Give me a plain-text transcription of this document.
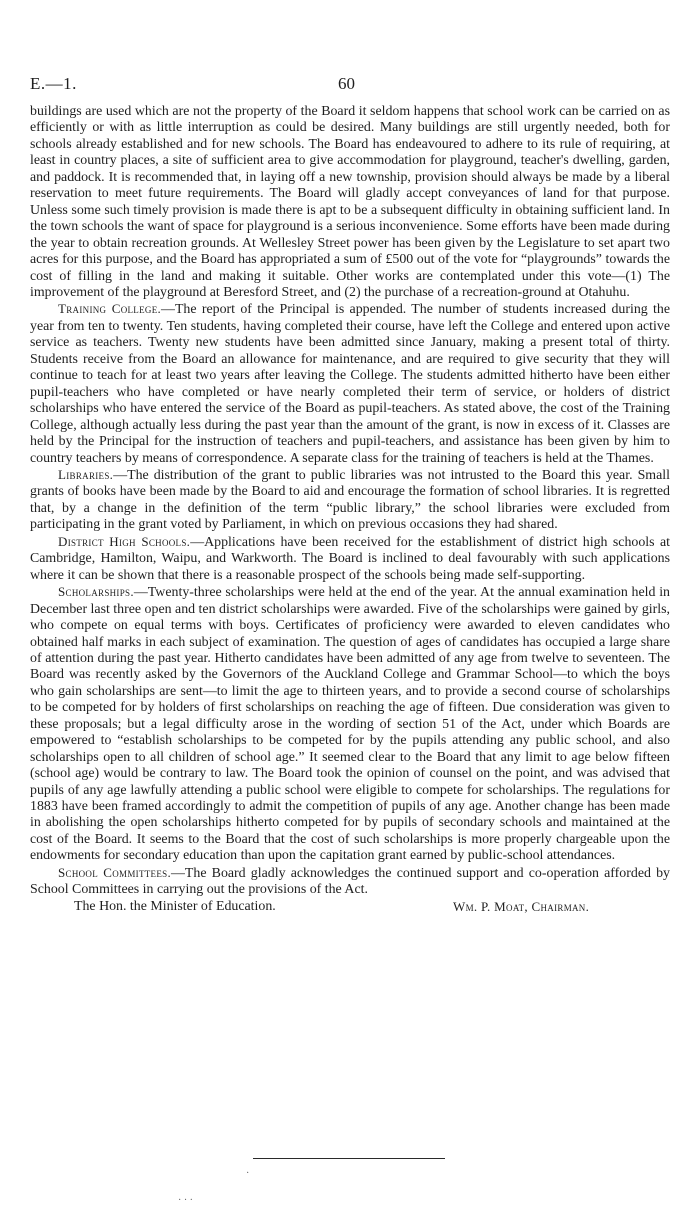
E.—1.	60

buildings are used which are not the property of the Board it seldom happens that school work can be carried on as efficiently or with as little interruption as could be desired. Many buildings are still urgently needed, both for schools already established and for new schools. The Board has endeavoured to adhere to its rule of requiring, at least in country places, a site of sufficient area to give accommodation for playground, teacher's dwelling, garden, and paddock. It is recommended that, in laying off a new township, provision should always be made by a liberal reservation to meet future requirements. The Board will gladly accept conveyances of land for that purpose. Unless some such timely provision is made there is apt to be a subsequent difficulty in obtaining sufficient land. In the town schools the want of space for playground is a serious inconvenience. Some efforts have been made during the year to obtain recreation grounds. At Wellesley Street power has been given by the Legislature to set apart two acres for this purpose, and the Board has appropriated a sum of £500 out of the vote for “playgrounds” towards the cost of filling in the land and making it suitable. Other works are contemplated under this vote—(1) The improvement of the playground at Beresford Street, and (2) the purchase of a recreation-ground at Otahuhu.

Training College.—The report of the Principal is appended. The number of students increased during the year from ten to twenty. Ten students, having completed their course, have left the College and entered upon active service as teachers. Twenty new students have been admitted since January, making a present total of thirty. Students receive from the Board an allowance for maintenance, and are required to give security that they will continue to teach for at least two years after leaving the College. The students admitted hitherto have been either pupil-teachers who have completed or have nearly completed their term of service, or holders of district scholarships who have entered the service of the Board as pupil-teachers. As stated above, the cost of the Training College, although actually less during the past year than the amount of the grant, is now in excess of it. Classes are held by the Principal for the instruction of teachers and pupil-teachers, and assistance has been given by him to country teachers by means of correspondence. A separate class for the training of teachers is held at the Thames.

Libraries.—The distribution of the grant to public libraries was not intrusted to the Board this year. Small grants of books have been made by the Board to aid and encourage the formation of school libraries. It is regretted that, by a change in the definition of the term “public library,” the school libraries were excluded from participating in the grant voted by Parliament, in which on previous occasions they had shared.

District High Schools.—Applications have been received for the establishment of district high schools at Cambridge, Hamilton, Waipu, and Warkworth. The Board is inclined to deal favourably with such applications where it can be shown that there is a reasonable prospect of the schools being made self-supporting.

Scholarships.—Twenty-three scholarships were held at the end of the year. At the annual examination held in December last three open and ten district scholarships were awarded. Five of the scholarships were gained by girls, who compete on equal terms with boys. Certificates of proficiency were awarded to eleven candidates who obtained half marks in each subject of examination. The question of ages of candidates has occupied a large share of attention during the past year. Hitherto candidates have been admitted of any age from twelve to seventeen. The Board was recently asked by the Governors of the Auckland College and Grammar School—to which the boys who gain scholarships are sent—to limit the age to thirteen years, and to provide a second course of scholarships to be competed for by holders of first scholarships on reaching the age of fifteen. Due consideration was given to these proposals; but a legal difficulty arose in the wording of section 51 of the Act, under which Boards are empowered to “establish scholarships to be competed for by the pupils attending any public school, and also scholarships open to all children of school age.” It seemed clear to the Board that any limit to age below fifteen (school age) would be contrary to law. The Board took the opinion of counsel on the point, and was advised that pupils of any age lawfully attending a public school were eligible to compete for scholarships. The regulations for 1883 have been framed accordingly to admit the competition of pupils of any age. Another change has been made in abolishing the open scholarships hitherto competed for by pupils of secondary schools and maintained at the cost of the Board. It seems to the Board that the cost of such scholarships is more properly chargeable upon the endowments for secondary education than upon the capitation grant earned by public-school attendances.

School Committees.—The Board gladly acknowledges the continued support and co-operation afforded by School Committees in carrying out the provisions of the Act.

The Hon. the Minister of Education.	Wm. P. Moat, Chairman.
·
· · ·
